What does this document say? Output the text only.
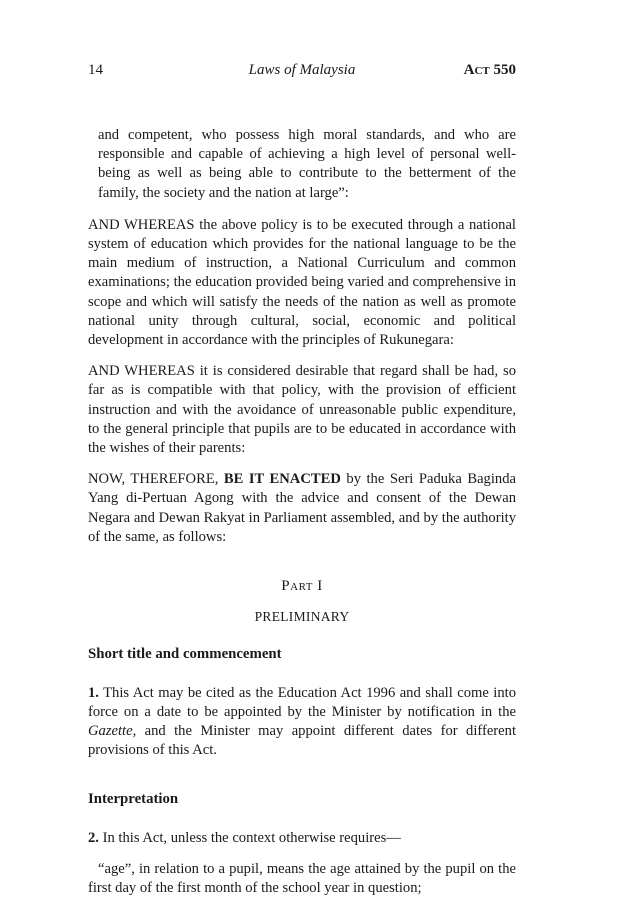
Laws of Malaysia
14	Act 550

and competent, who possess high moral standards, and who are responsible and capable of achieving a high level of personal well-being as well as being able to contribute to the betterment of the family, the society and the nation at large”:

AND WHEREAS the above policy is to be executed through a national system of education which provides for the national language to be the main medium of instruction, a National Curriculum and common examinations; the education provided being varied and comprehensive in scope and which will satisfy the needs of the nation as well as promote national unity through cultural, social, economic and political development in accordance with the principles of Rukunegara:

AND WHEREAS it is considered desirable that regard shall be had, so far as is compatible with that policy, with the provision of efficient instruction and with the avoidance of unreasonable public expenditure, to the general principle that pupils are to be educated in accordance with the wishes of their parents:

NOW, THEREFORE, BE IT ENACTED by the Seri Paduka Baginda Yang di-Pertuan Agong with the advice and consent of the Dewan Negara and Dewan Rakyat in Parliament assembled, and by the authority of the same, as follows:

Part I
PRELIMINARY
Short title and commencement

1. This Act may be cited as the Education Act 1996 and shall come into force on a date to be appointed by the Minister by notification in the Gazette, and the Minister may appoint different dates for different provisions of this Act.

Interpretation

2. In this Act, unless the context otherwise requires—

“age”, in relation to a pupil, means the age attained by the pupil on the first day of the first month of the school year in question;
